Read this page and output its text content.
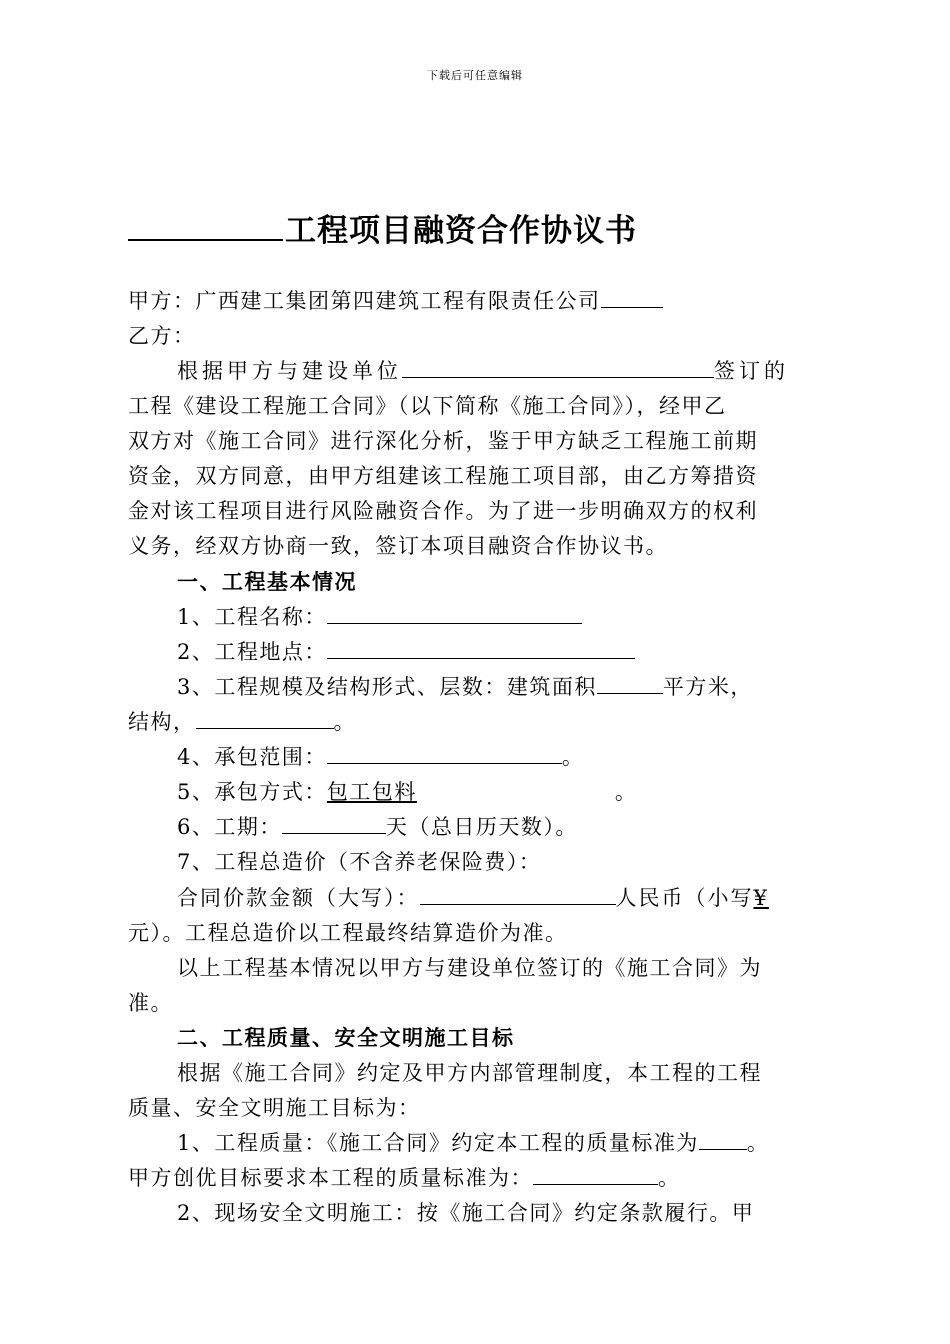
下载后可任意编辑
工程项目融资合作协议书
甲方：广西建工集团第四建筑工程有限责任公司
乙方：
根据甲方与建设单位	签订的
工程《建设工程施工合同》（以下简称《施工合同》），经甲乙
双方对《施工合同》进行深化分析，鉴于甲方缺乏工程施工前期
资金，双方同意，由甲方组建该工程施工项目部，由乙方筹措资
金对该工程项目进行风险融资合作。为了进一步明确双方的权利
义务，经双方协商一致，签订本项目融资合作协议书。
一、工程基本情况
1、工程名称：
2、工程地点：
3、工程规模及结构形式、层数：建筑面积	平方米，
结构，	。
4、承包范围：	。
5、承包方式：包工包料	。
6、工期：	天（总日历天数）。
7、工程总造价（不含养老保险费）：
合同价款金额（大写）：	人民币（小写¥
元）。工程总造价以工程最终结算造价为准。
以上工程基本情况以甲方与建设单位签订的《施工合同》为
准。
二、工程质量、安全文明施工目标
根据《施工合同》约定及甲方内部管理制度，本工程的工程
质量、安全文明施工目标为：
1、工程质量：《施工合同》约定本工程的质量标准为 。
甲方创优目标要求本工程的质量标准为：	。
2、现场安全文明施工：按《施工合同》约定条款履行。甲
